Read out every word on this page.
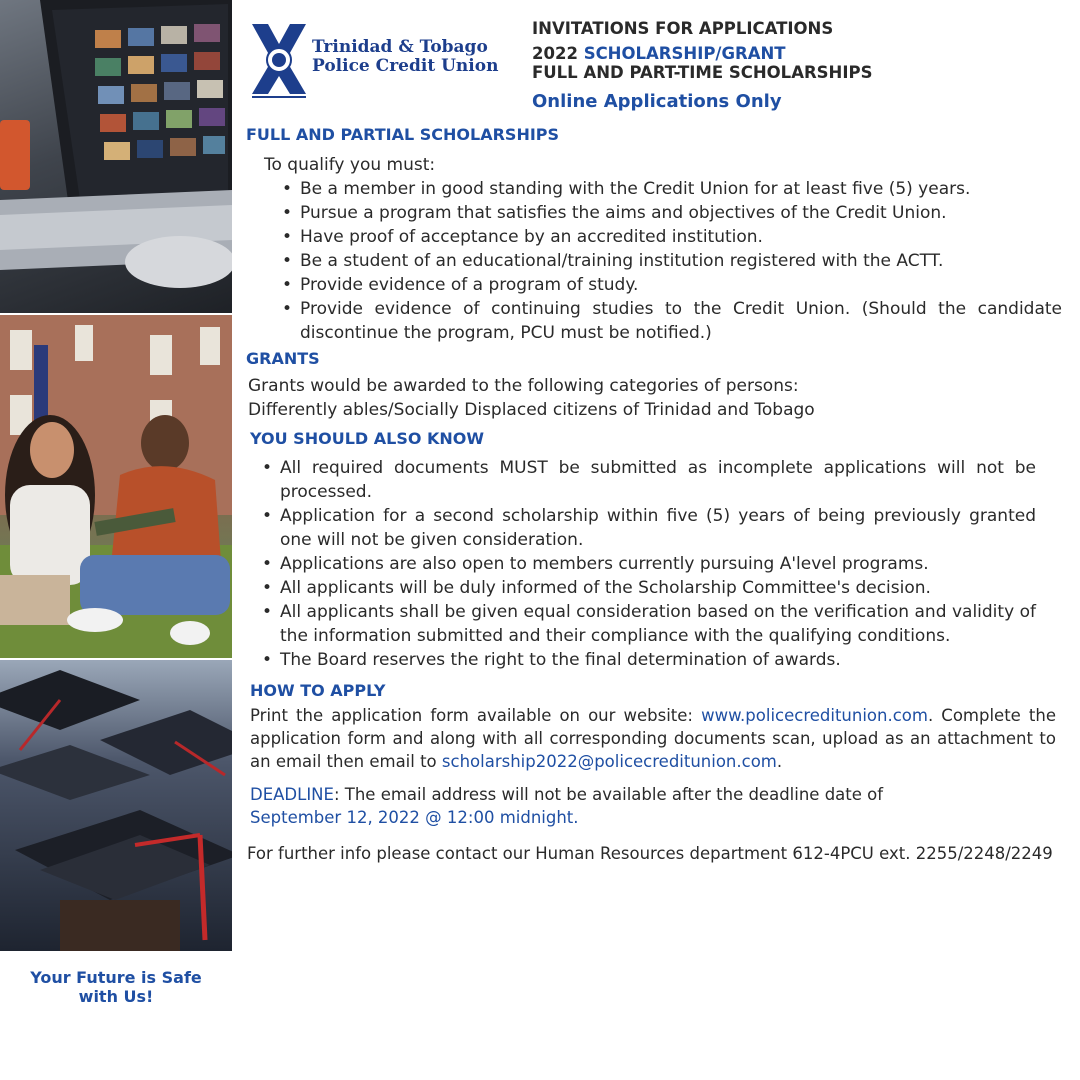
Your Future is Safe with Us!
Trinidad & Tobago
Police Credit Union
INVITATIONS FOR APPLICATIONS
2022 SCHOLARSHIP/GRANT
FULL AND PART-TIME SCHOLARSHIPS
Online Applications Only
FULL AND PARTIAL SCHOLARSHIPS
To qualify you must:
• Be a member in good standing with the Credit Union for at least five (5) years.
• Pursue a program that satisfies the aims and objectives of the Credit Union.
• Have proof of acceptance by an accredited institution.
• Be a student of an educational/training institution registered with the ACTT.
• Provide evidence of a program of study.
• Provide evidence of continuing studies to the Credit Union. (Should the candidate discontinue the program, PCU must be notified.)
GRANTS
Grants would be awarded to the following categories of persons:
Differently ables/Socially Displaced citizens of Trinidad and Tobago
YOU SHOULD ALSO KNOW
• All required documents MUST be submitted as incomplete applications will not be processed.
• Application for a second scholarship within five (5) years of being previously granted one will not be given consideration.
• Applications are also open to members currently pursuing A'level programs.
• All applicants will be duly informed of the Scholarship Committee's decision.
• All applicants shall be given equal consideration based on the verification and validity of the information submitted and their compliance with the qualifying conditions.
• The Board reserves the right to the final determination of awards.
HOW TO APPLY
Print the application form available on our website: www.policecreditunion.com. Complete the application form and along with all corresponding documents scan, upload as an attachment to an email then email to scholarship2022@policecreditunion.com.
DEADLINE: The email address will not be available after the deadline date of
September 12, 2022 @ 12:00 midnight.
For further info please contact our Human Resources department 612-4PCU ext. 2255/2248/2249
